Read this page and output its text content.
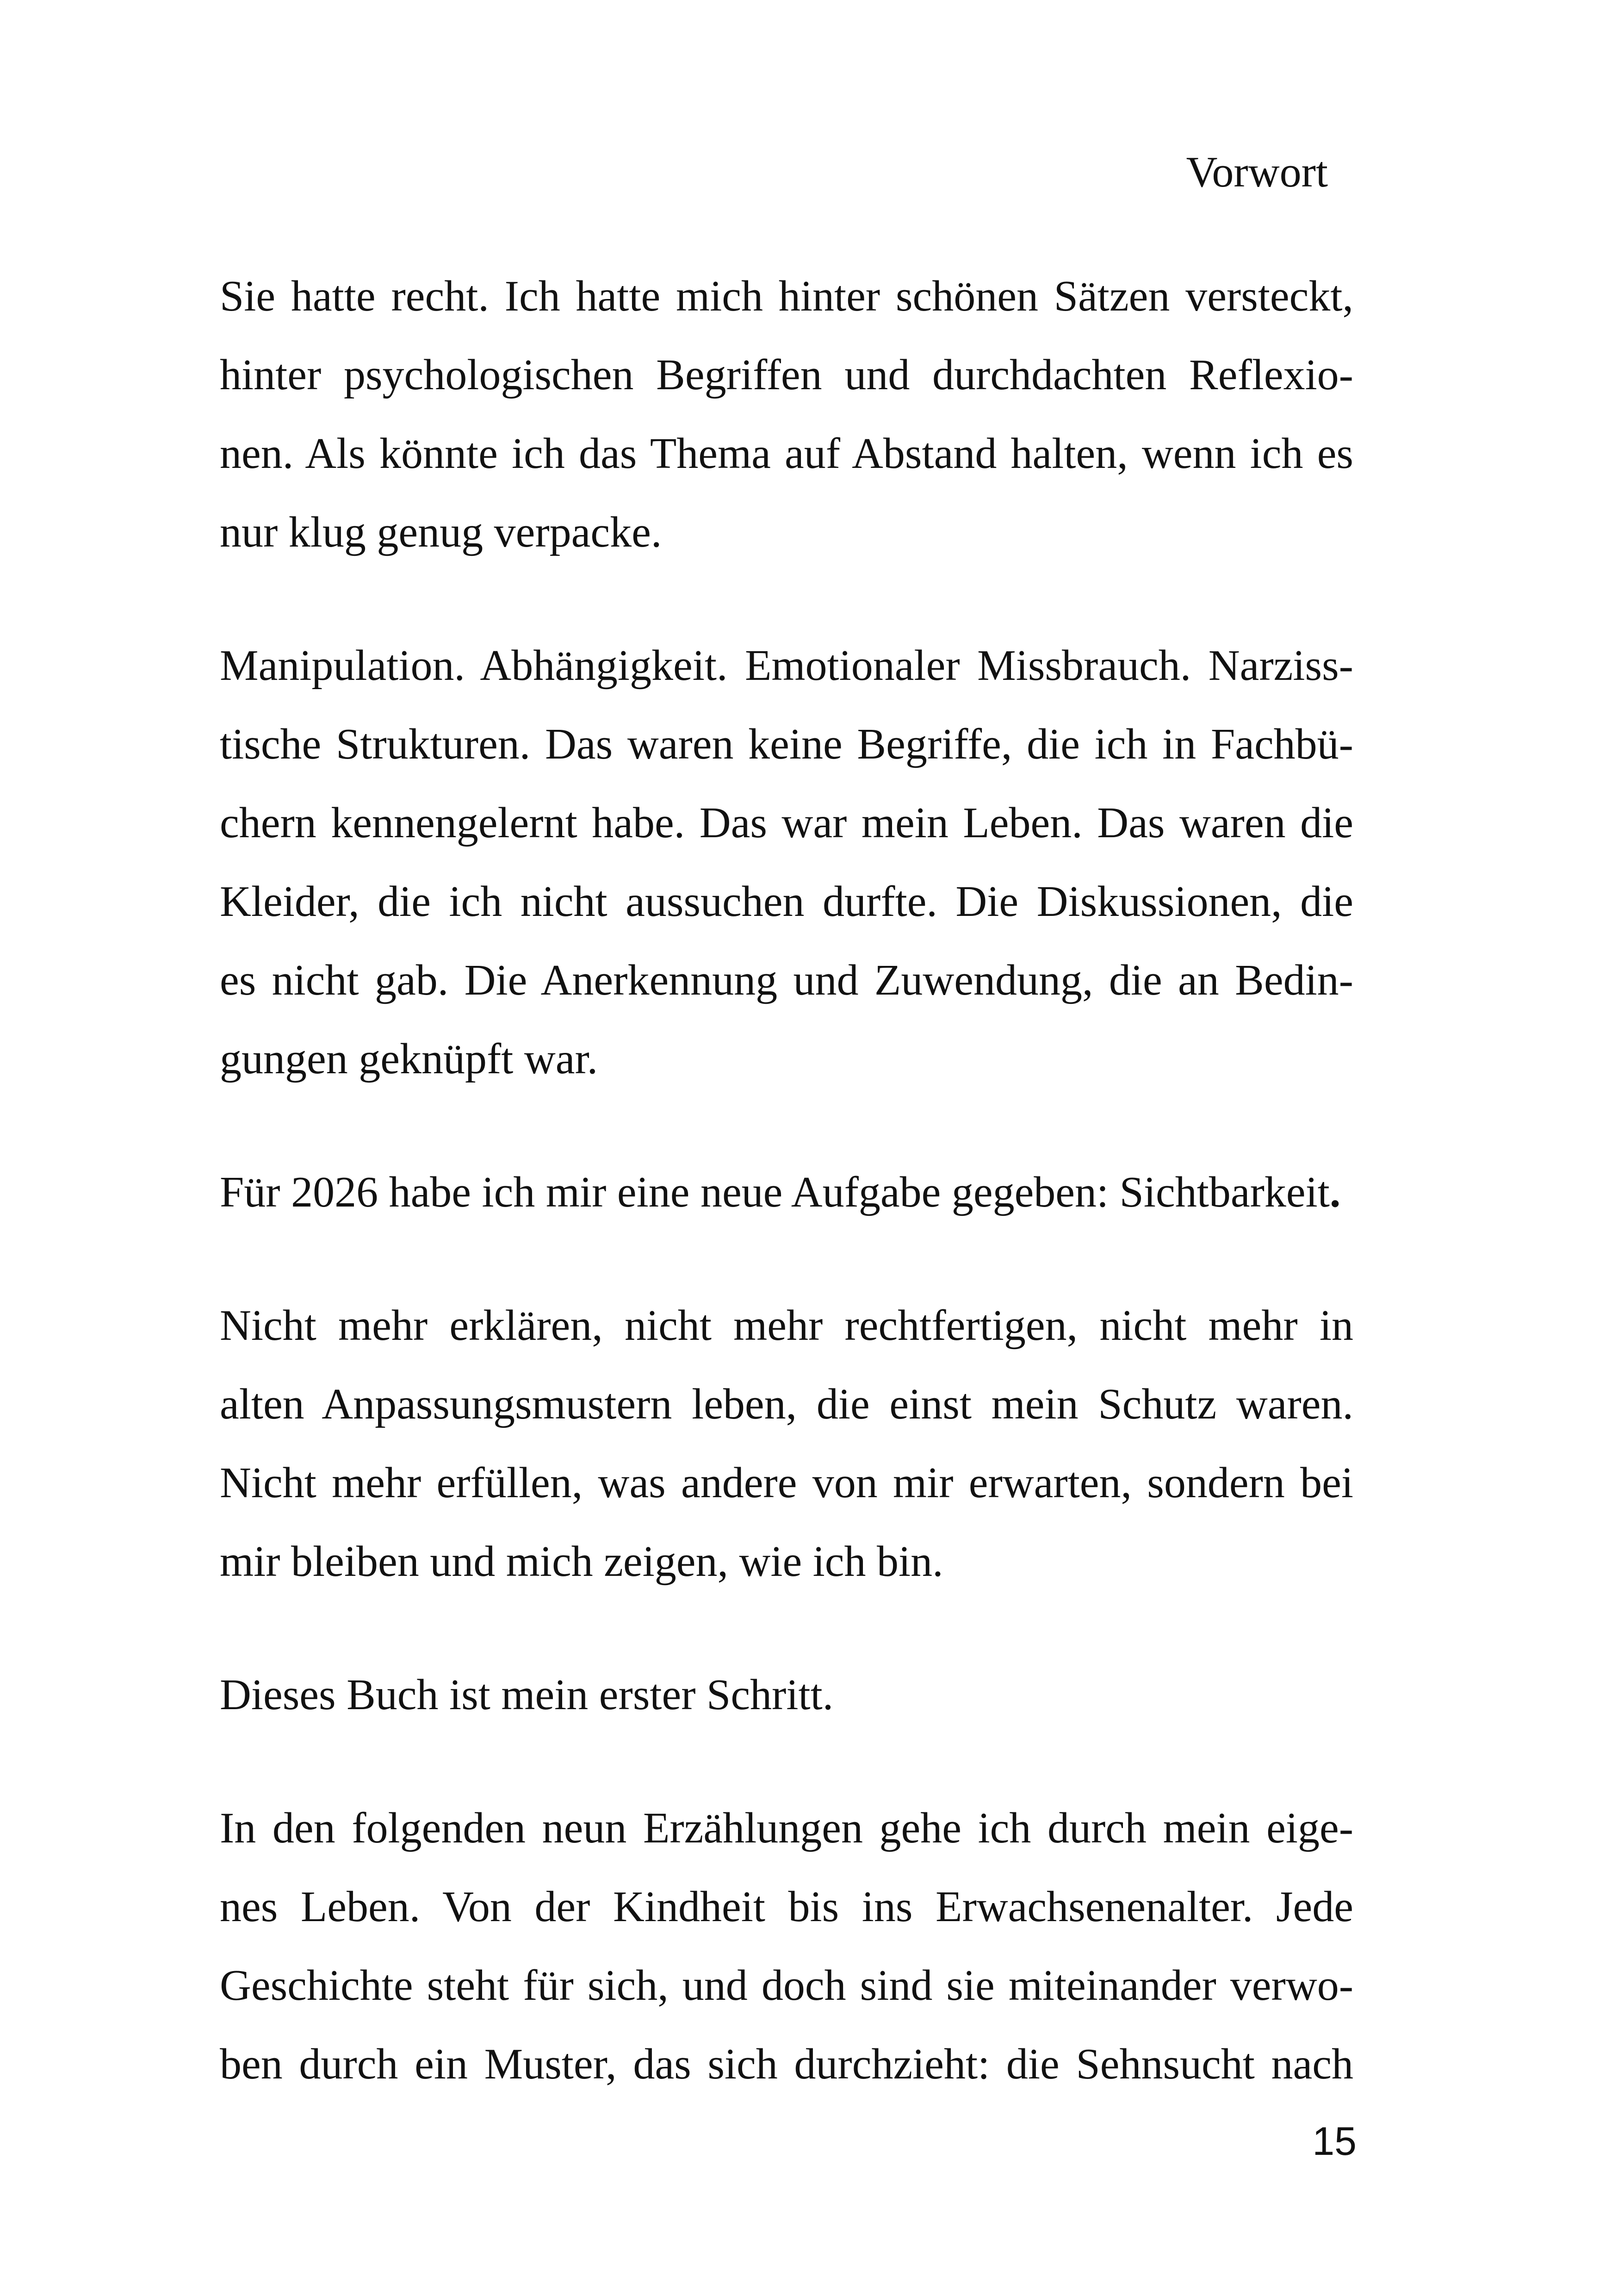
Vorwort
Sie hatte recht. Ich hatte mich hinter schönen Sätzen versteckt,
hinter psychologischen Begriffen und durchdachten Reflexio-
nen. Als könnte ich das Thema auf Abstand halten, wenn ich es
nur klug genug verpacke.
Manipulation. Abhängigkeit. Emotionaler Missbrauch. Narziss-
tische Strukturen. Das waren keine Begriffe, die ich in Fachbü-
chern kennengelernt habe. Das war mein Leben. Das waren die
Kleider, die ich nicht aussuchen durfte. Die Diskussionen, die
es nicht gab. Die Anerkennung und Zuwendung, die an Bedin-
gungen geknüpft war.
Für 2026 habe ich mir eine neue Aufgabe gegeben: Sichtbarkeit.
Nicht mehr erklären, nicht mehr rechtfertigen, nicht mehr in
alten Anpassungsmustern leben, die einst mein Schutz waren.
Nicht mehr erfüllen, was andere von mir erwarten, sondern bei
mir bleiben und mich zeigen, wie ich bin.
Dieses Buch ist mein erster Schritt.
In den folgenden neun Erzählungen gehe ich durch mein eige-
nes Leben. Von der Kindheit bis ins Erwachsenenalter. Jede
Geschichte steht für sich, und doch sind sie miteinander verwo-
ben durch ein Muster, das sich durchzieht: die Sehnsucht nach
15
